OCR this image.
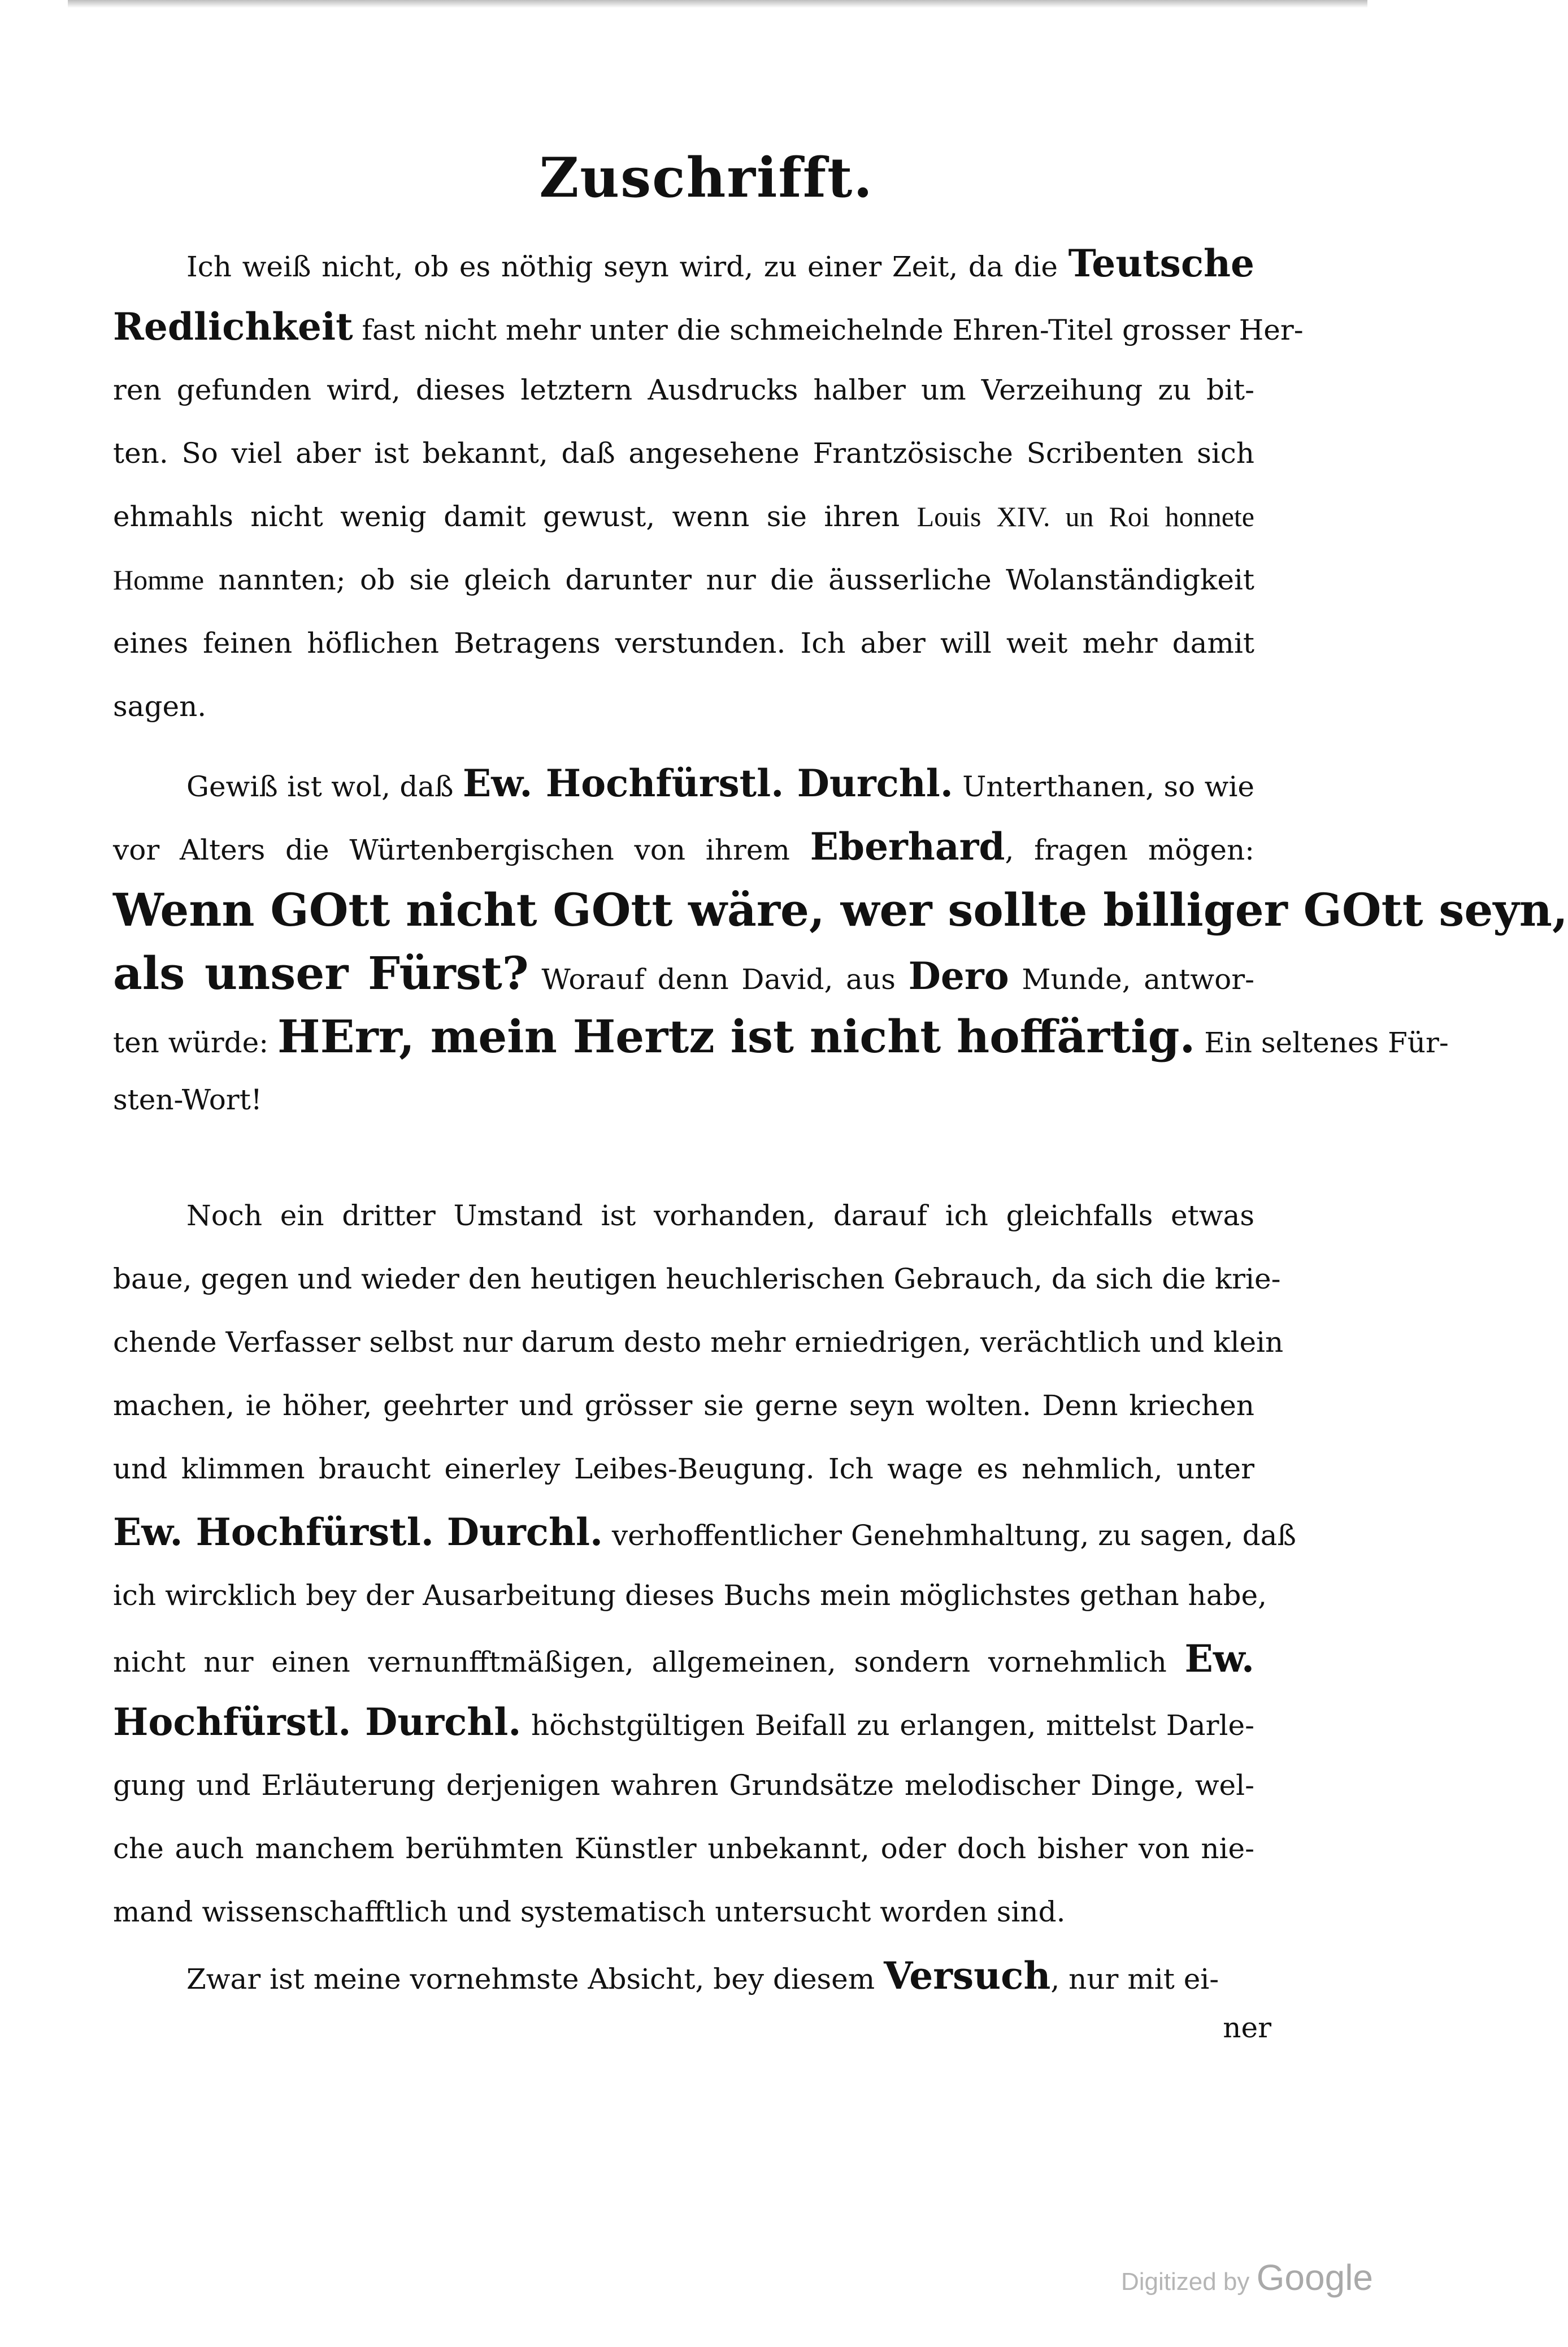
Zuschrifft.
Ich weiß nicht, ob es nöthig seyn wird, zu einer Zeit, da die Teutsche
Redlichkeit fast nicht mehr unter die schmeichelnde Ehren-Titel grosser Her-
ren gefunden wird, dieses letztern Ausdrucks halber um Verzeihung zu bit-
ten. So viel aber ist bekannt, daß angesehene Frantzösische Scribenten sich
ehmahls nicht wenig damit gewust, wenn sie ihren Louis XIV. un Roi honnete
Homme nannten; ob sie gleich darunter nur die äusserliche Wolanständigkeit
eines feinen höflichen Betragens verstunden. Ich aber will weit mehr damit
sagen.
Gewiß ist wol, daß Ew. Hochfürstl. Durchl. Unterthanen, so wie
vor Alters die Würtenbergischen von ihrem Eberhard, fragen mögen:
Wenn GOtt nicht GOtt wäre, wer sollte billiger GOtt seyn,
als unser Fürst? Worauf denn David, aus Dero Munde, antwor-
ten würde: HErr, mein Hertz ist nicht hoffärtig. Ein seltenes Für-
sten-Wort!
Noch ein dritter Umstand ist vorhanden, darauf ich gleichfalls etwas
baue, gegen und wieder den heutigen heuchlerischen Gebrauch, da sich die krie-
chende Verfasser selbst nur darum desto mehr erniedrigen, verächtlich und klein
machen, ie höher, geehrter und grösser sie gerne seyn wolten. Denn kriechen
und klimmen braucht einerley Leibes-Beugung. Ich wage es nehmlich, unter
Ew. Hochfürstl. Durchl. verhoffentlicher Genehmhaltung, zu sagen, daß
ich wircklich bey der Ausarbeitung dieses Buchs mein möglichstes gethan habe,
nicht nur einen vernunfftmäßigen, allgemeinen, sondern vornehmlich Ew.
Hochfürstl. Durchl. höchstgültigen Beifall zu erlangen, mittelst Darle-
gung und Erläuterung derjenigen wahren Grundsätze melodischer Dinge, wel-
che auch manchem berühmten Künstler unbekannt, oder doch bisher von nie-
mand wissenschafftlich und systematisch untersucht worden sind.
Zwar ist meine vornehmste Absicht, bey diesem Versuch, nur mit ei-
ner
Digitized by Google
